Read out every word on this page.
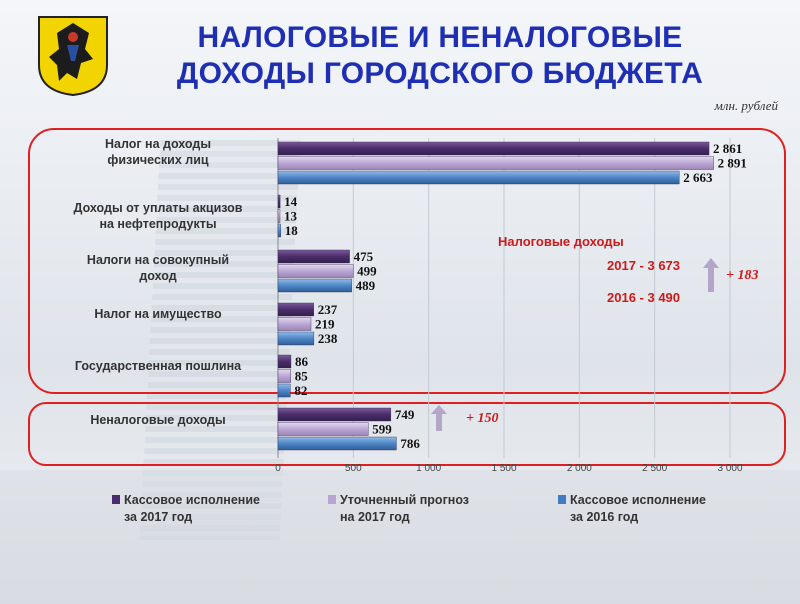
НАЛОГОВЫЕ И НЕНАЛОГОВЫЕ
ДОХОДЫ ГОРОДСКОГО БЮДЖЕТА
млн. рублей
Налог на доходы
физических лиц
Доходы от уплаты акцизов
на нефтепродукты
Налоги на совокупный
доход
Налог на имущество
Государственная пошлина
Неналоговые доходы
0	500	1 000	1 500	2 000	2 500	3 000
2 861
14
475
237
86
749
2 891
13
499
219
85
599
2 663
18
489
238
82
786
Налоговые доходы
2017 - 3 673
2016 - 3 490
+ 183
+ 150
Кассовое исполнение
за 2017 год
Уточненный прогноз
на 2017 год
Кассовое исполнение
за 2016 год
